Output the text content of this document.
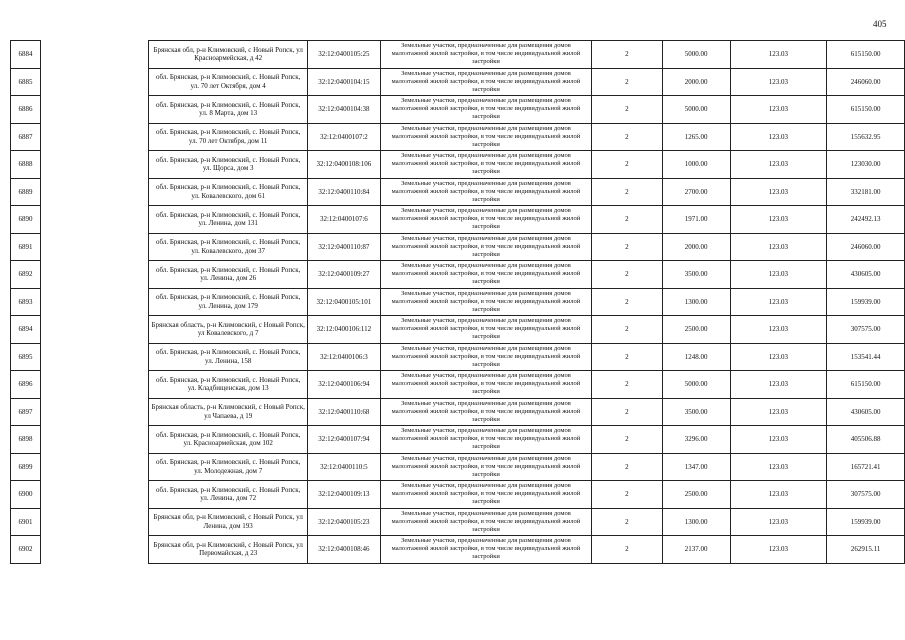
405
6884		Брянская обл, р-н Климовский, с Новый Ропск, ул Красноармейская, д 42	32:12:0400105:25	Земельные участки, предназначенные для размещения домов малоэтажной жилой застройки, в том числе индивидуальной жилой застройки	2	5000.00	123.03	615150.00
6885		обл. Брянская, р-н Климовский, с. Новый Ропск, ул. 70 лет Октября, дом 4	32:12:0400104:15	Земельные участки, предназначенные для размещения домов малоэтажной жилой застройки, в том числе индивидуальной жилой застройки	2	2000.00	123.03	246060.00
6886		обл. Брянская, р-н Климовский, с. Новый Ропск, ул. 8 Марта, дом 13	32:12:0400104:38	Земельные участки, предназначенные для размещения домов малоэтажной жилой застройки, в том числе индивидуальной жилой застройки	2	5000.00	123.03	615150.00
6887		обл. Брянская, р-н Климовский, с. Новый Ропск, ул. 70 лет Октября, дом 11	32:12:0400107:2	Земельные участки, предназначенные для размещения домов малоэтажной жилой застройки, в том числе индивидуальной жилой застройки	2	1265.00	123.03	155632.95
6888		обл. Брянская, р-н Климовский, с. Новый Ропск, ул. Щорса, дом 3	32:12:0400108:106	Земельные участки, предназначенные для размещения домов малоэтажной жилой застройки, в том числе индивидуальной жилой застройки	2	1000.00	123.03	123030.00
6889		обл. Брянская, р-н Климовский, с. Новый Ропск, ул. Ковалевского, дом 61	32:12:0400110:84	Земельные участки, предназначенные для размещения домов малоэтажной жилой застройки, в том числе индивидуальной жилой застройки	2	2700.00	123.03	332181.00
6890		обл. Брянская, р-н Климовский, с. Новый Ропск, ул. Ленина, дом 131	32:12:0400107:6	Земельные участки, предназначенные для размещения домов малоэтажной жилой застройки, в том числе индивидуальной жилой застройки	2	1971.00	123.03	242492.13
6891		обл. Брянская, р-н Климовский, с. Новый Ропск, ул. Ковалевского, дом 37	32:12:0400110:87	Земельные участки, предназначенные для размещения домов малоэтажной жилой застройки, в том числе индивидуальной жилой застройки	2	2000.00	123.03	246060.00
6892		обл. Брянская, р-н Климовский, с. Новый Ропск, ул. Ленина, дом 26	32:12:0400109:27	Земельные участки, предназначенные для размещения домов малоэтажной жилой застройки, в том числе индивидуальной жилой застройки	2	3500.00	123.03	430605.00
6893		обл. Брянская, р-н Климовский, с. Новый Ропск, ул. Ленина, дом 179	32:12:0400105:101	Земельные участки, предназначенные для размещения домов малоэтажной жилой застройки, в том числе индивидуальной жилой застройки	2	1300.00	123.03	159939.00
6894		Брянская область, р-н Климовский, с Новый Ропск, ул Ковалевского, д 7	32:12:0400106:112	Земельные участки, предназначенные для размещения домов малоэтажной жилой застройки, в том числе индивидуальной жилой застройки	2	2500.00	123.03	307575.00
6895		обл. Брянская, р-н Климовский, с. Новый Ропск, ул. Ленина, 158	32:12:0400106:3	Земельные участки, предназначенные для размещения домов малоэтажной жилой застройки, в том числе индивидуальной жилой застройки	2	1248.00	123.03	153541.44
6896		обл. Брянская, р-н Климовский, с. Новый Ропск, ул. Кладбищенская, дом 13	32:12:0400106:94	Земельные участки, предназначенные для размещения домов малоэтажной жилой застройки, в том числе индивидуальной жилой застройки	2	5000.00	123.03	615150.00
6897		Брянская область, р-н Климовский, с Новый Ропск, ул Чапаева, д 19	32:12:0400110:68	Земельные участки, предназначенные для размещения домов малоэтажной жилой застройки, в том числе индивидуальной жилой застройки	2	3500.00	123.03	430605.00
6898		обл. Брянская, р-н Климовский, с. Новый Ропск, ул. Красноармейская, дом 102	32:12:0400107:94	Земельные участки, предназначенные для размещения домов малоэтажной жилой застройки, в том числе индивидуальной жилой застройки	2	3296.00	123.03	405506.88
6899		обл. Брянская, р-н Климовский, с. Новый Ропск, ул. Молодежная, дом 7	32:12:0400110:5	Земельные участки, предназначенные для размещения домов малоэтажной жилой застройки, в том числе индивидуальной жилой застройки	2	1347.00	123.03	165721.41
6900		обл. Брянская, р-н Климовский, с. Новый Ропск, ул. Ленина, дом 72	32:12:0400109:13	Земельные участки, предназначенные для размещения домов малоэтажной жилой застройки, в том числе индивидуальной жилой застройки	2	2500.00	123.03	307575.00
6901		Брянская обл, р-н Климовский, с Новый Ропск, ул Ленина, дом 193	32:12:0400105:23	Земельные участки, предназначенные для размещения домов малоэтажной жилой застройки, в том числе индивидуальной жилой застройки	2	1300.00	123.03	159939.00
6902		Брянская обл, р-н Климовский, с Новый Ропск, ул Первомайская, д 23	32:12:0400108:46	Земельные участки, предназначенные для размещения домов малоэтажной жилой застройки, в том числе индивидуальной жилой застройки	2	2137.00	123.03	262915.11
